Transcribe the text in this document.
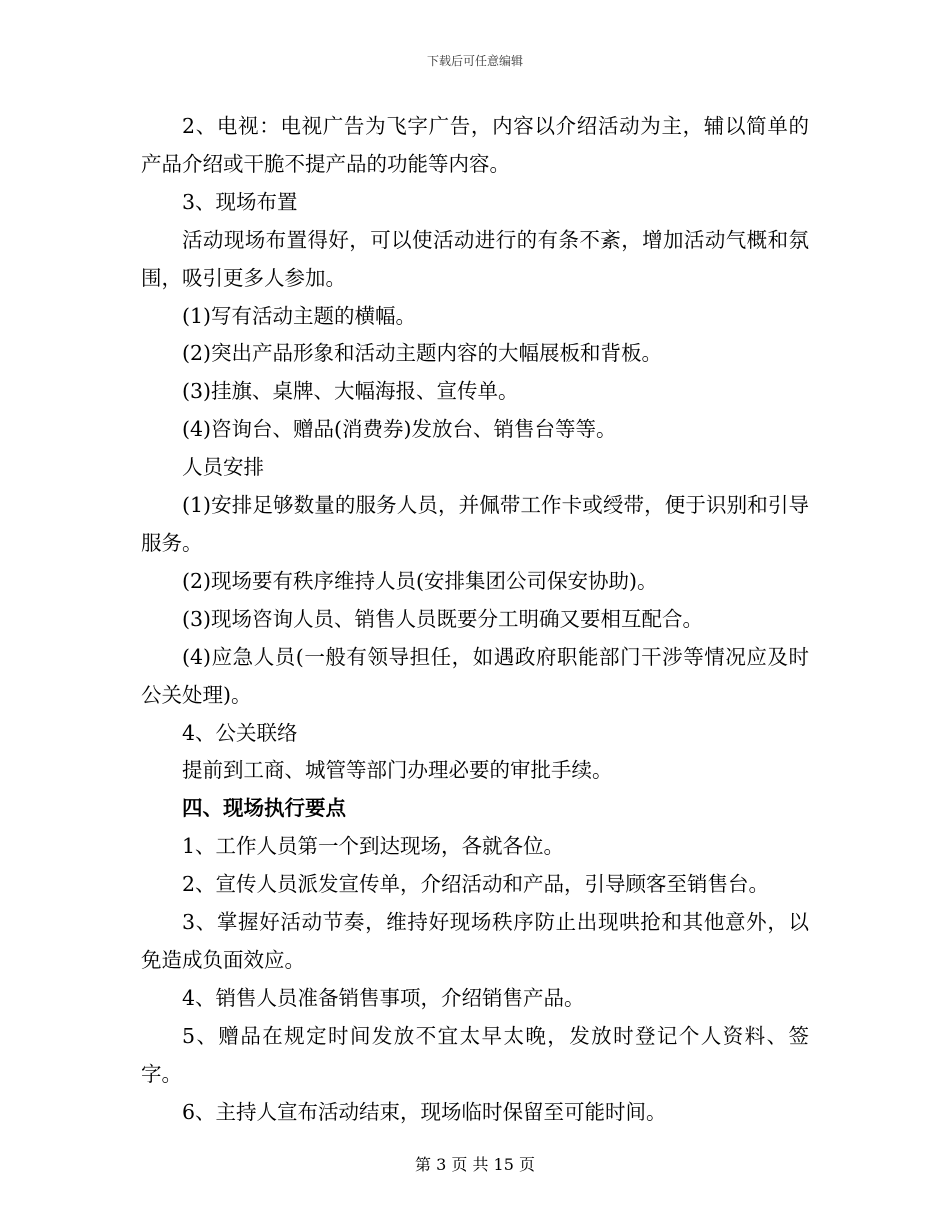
下载后可任意编辑

2、电视：电视广告为飞字广告，内容以介绍活动为主，辅以简单的产品介绍或干脆不提产品的功能等内容。

3、现场布置

活动现场布置得好，可以使活动进行的有条不紊，增加活动气概和氛围，吸引更多人参加。

(1)写有活动主题的横幅。

(2)突出产品形象和活动主题内容的大幅展板和背板。

(3)挂旗、桌牌、大幅海报、宣传单。

(4)咨询台、赠品(消费券)发放台、销售台等等。

人员安排

(1)安排足够数量的服务人员，并佩带工作卡或绶带，便于识别和引导服务。

(2)现场要有秩序维持人员(安排集团公司保安协助)。

(3)现场咨询人员、销售人员既要分工明确又要相互配合。

(4)应急人员(一般有领导担任，如遇政府职能部门干涉等情况应及时公关处理)。

4、公关联络

提前到工商、城管等部门办理必要的审批手续。

四、现场执行要点

1、工作人员第一个到达现场，各就各位。

2、宣传人员派发宣传单，介绍活动和产品，引导顾客至销售台。

3、掌握好活动节奏，维持好现场秩序防止出现哄抢和其他意外，以免造成负面效应。

4、销售人员准备销售事项，介绍销售产品。

5、赠品在规定时间发放不宜太早太晚，发放时登记个人资料、签字。

6、主持人宣布活动结束，现场临时保留至可能时间。

第 3 页 共 15 页
